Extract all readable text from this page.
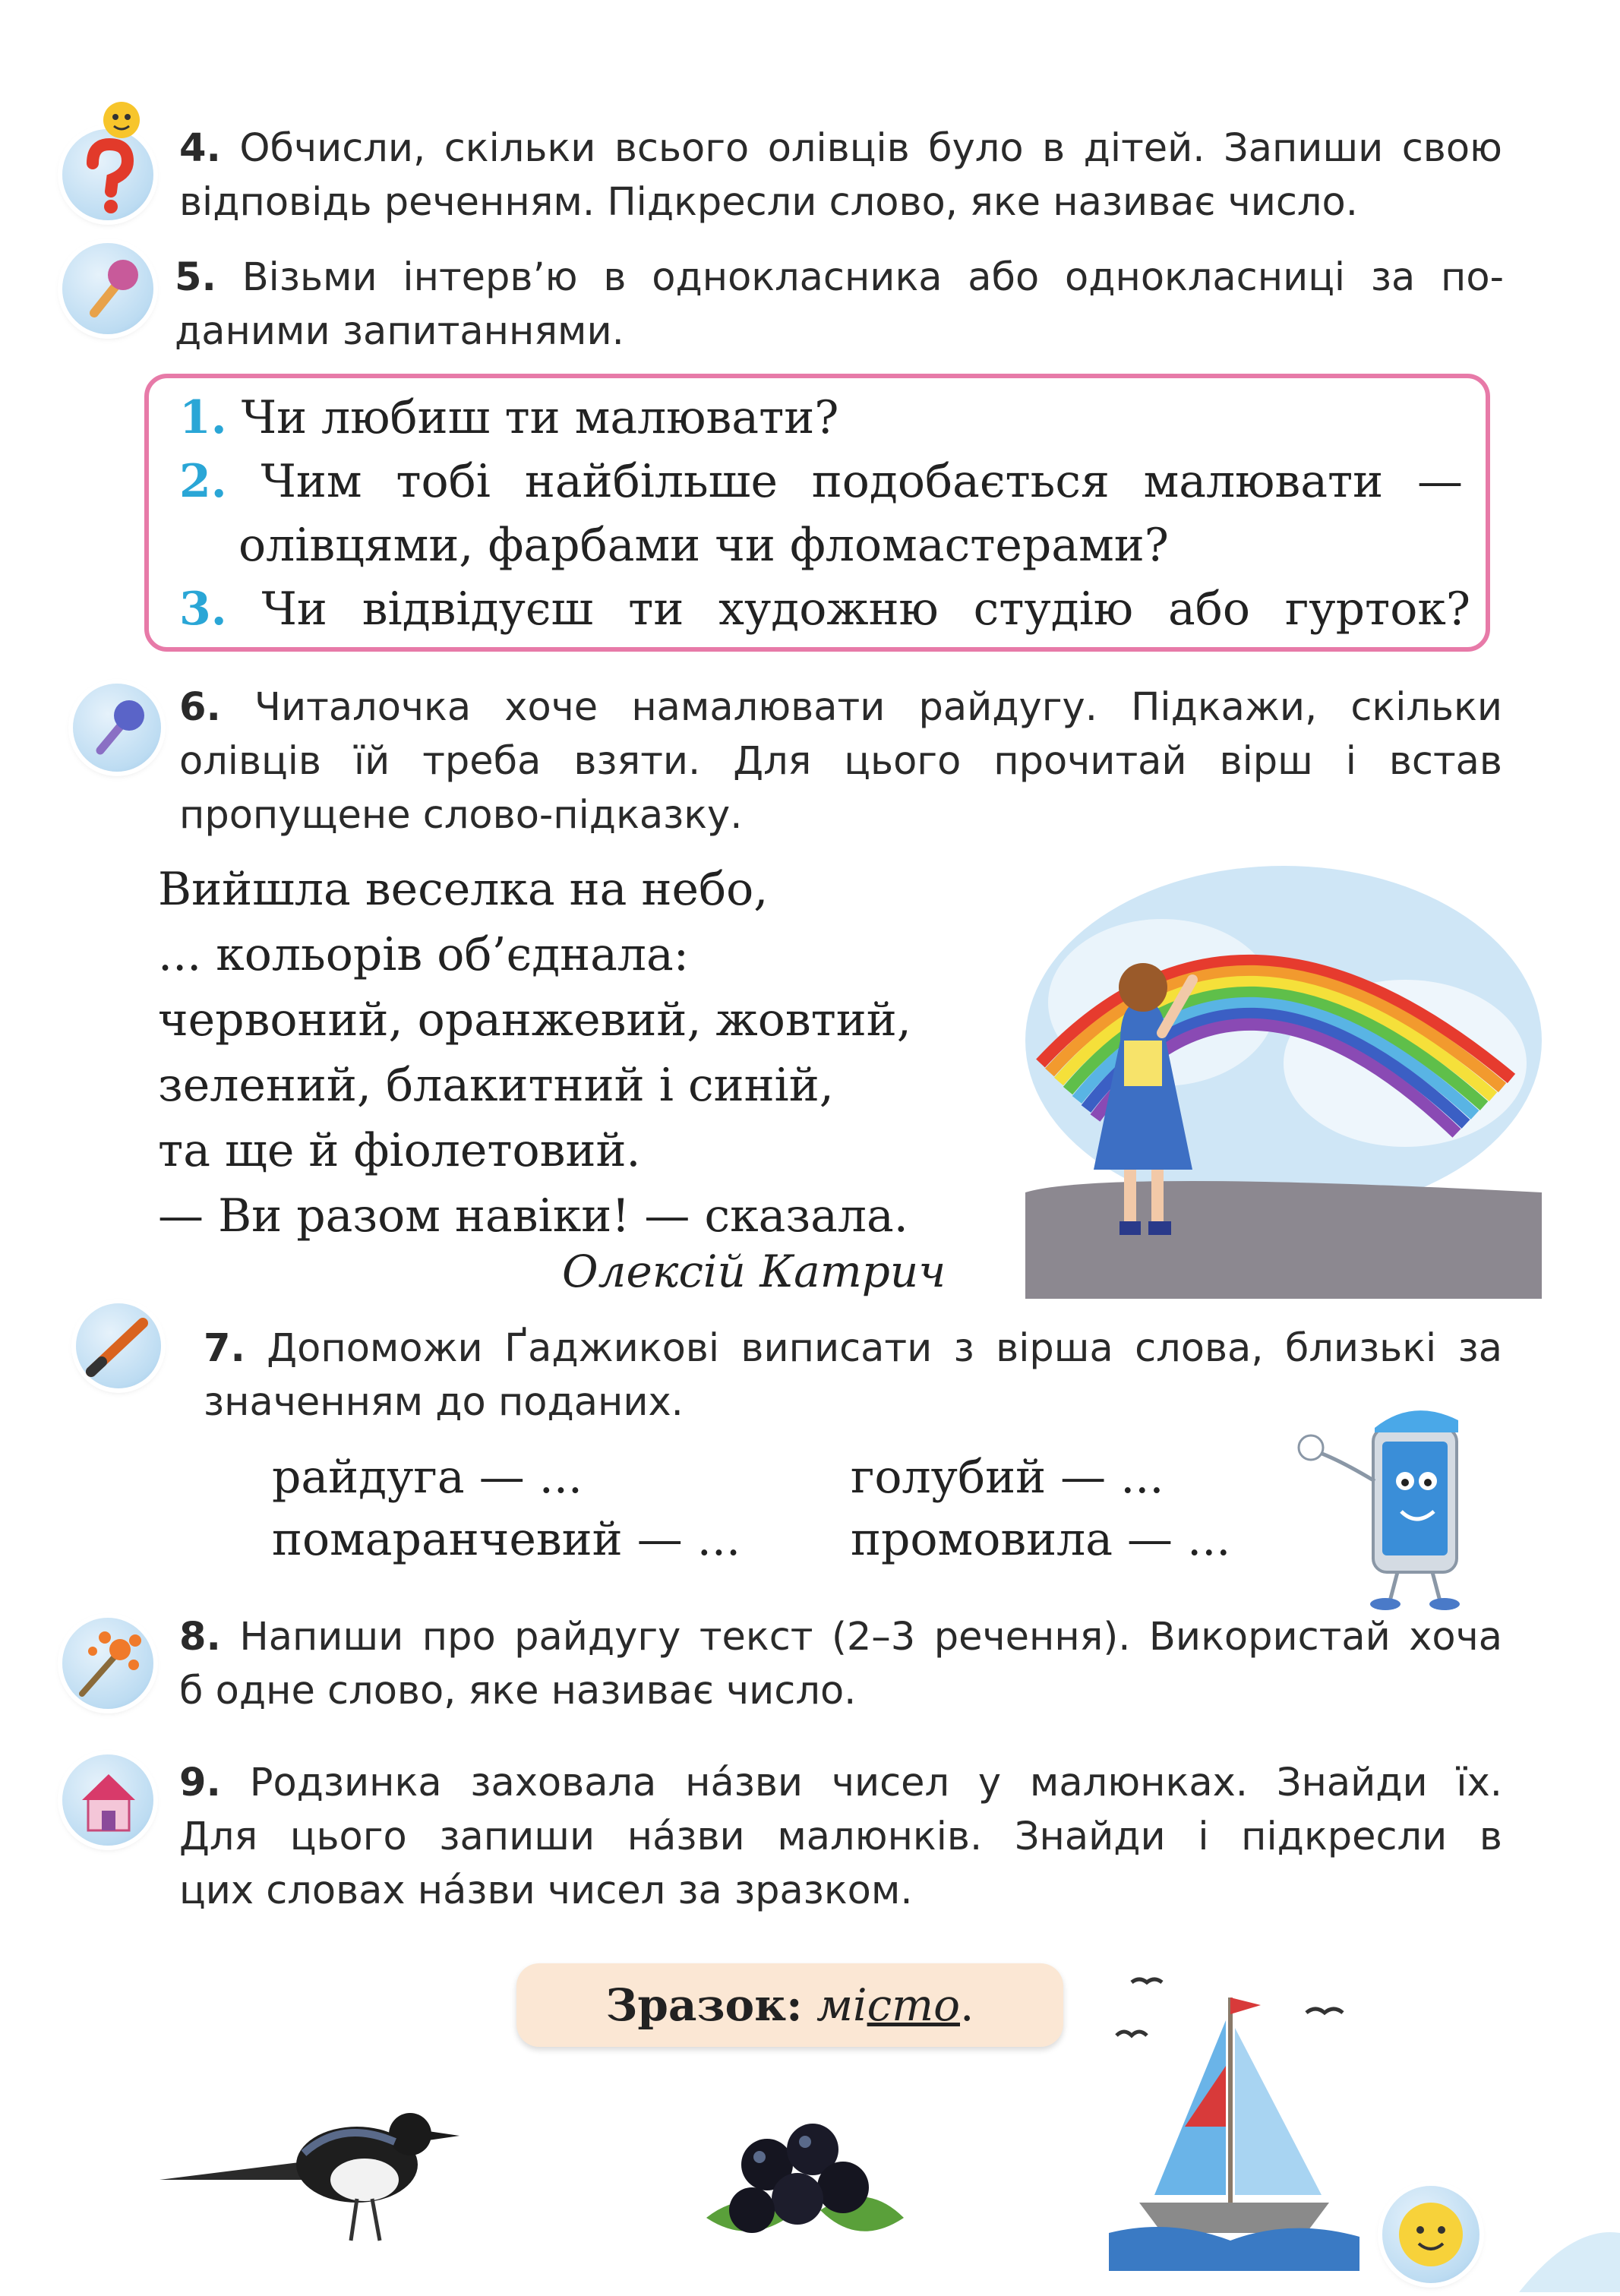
4. Обчисли, скільки всього олівців було в дітей. Запиши свою
відповідь реченням. Підкресли слово, яке називає число.
5. Візьми інтерв’ю в однокласника або однокласниці за по-
даними запитаннями.
1. Чи любиш ти малювати?
2. Чим тобі найбільше подобається малювати —
олівцями, фарбами чи фломастерами?
3. Чи відвідуєш ти художню студію або гурток?
6. Читалочка хоче намалювати райдугу. Підкажи, скільки
олівців їй треба взяти. Для цього прочитай вірш і встав
пропущене слово-підказку.
Вийшла веселка на небо,
... кольорів об’єднала:
червоний, оранжевий, жовтий,
зелений, блакитний і синій,
та ще й фіолетовий.
— Ви разом навіки! — сказала.
Олексій Катрич
7. Допоможи Ґаджикові виписати з вірша слова, близькі за
значенням до поданих.
райдуга — ...	голубий — ...
помаранчевий — ... промовила — ...
8. Напиши про райдугу текст (2–3 речення). Використай хоча
б одне слово, яке називає число.
9. Родзинка заховала на́зви чисел у малюнках. Знайди їх.
Для цього запиши на́зви малюнків. Знайди і підкресли в
цих словах на́зви чисел за зразком.
Зразок: місто.
